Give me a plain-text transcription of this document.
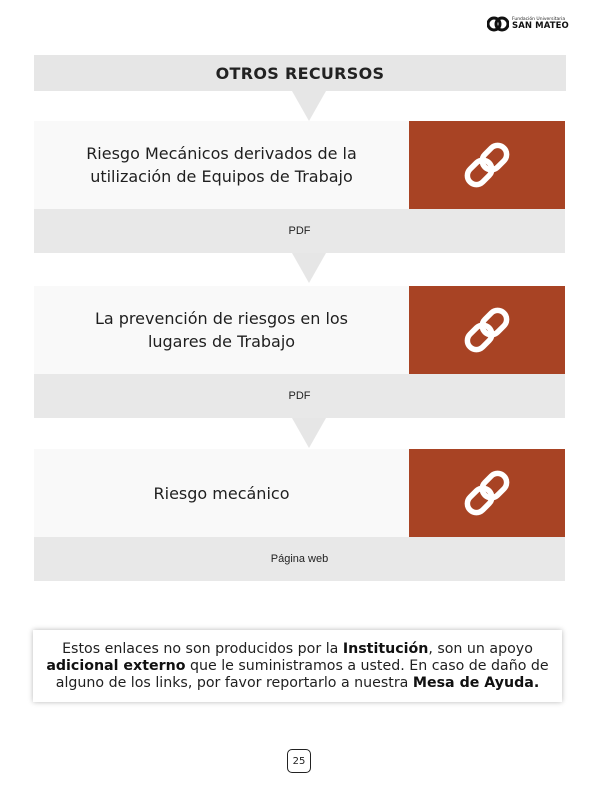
Fundación Universitaria
SAN MATEO
OTROS RECURSOS
Riesgo Mecánicos derivados de la utilización de Equipos de Trabajo
PDF
La prevención de riesgos en los lugares de Trabajo
PDF
Riesgo mecánico
Página web

Estos enlaces no son producidos por la Institución, son un apoyo adicional externo que le suministramos a usted. En caso de daño de alguno de los links, por favor reportarlo a nuestra Mesa de Ayuda.

25
